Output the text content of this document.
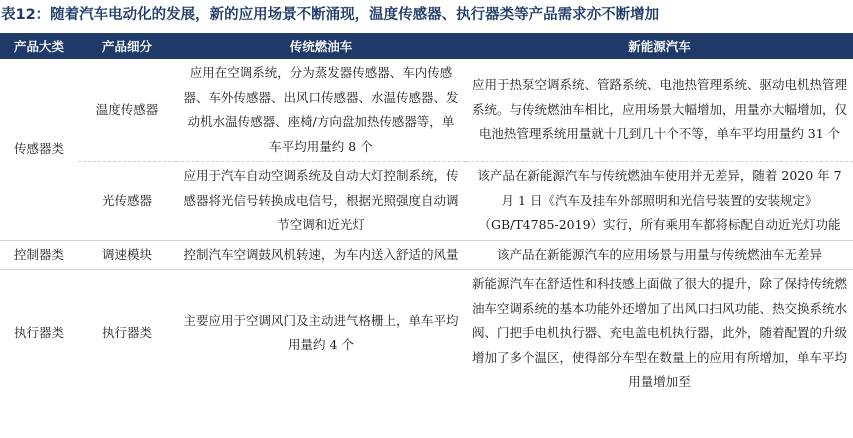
表12：随着汽车电动化的发展，新的应用场景不断涌现，温度传感器、执行器类等产品需求亦不断增加
产品大类	产品细分	传统燃油车	新能源汽车
传感器类	温度传感器	应用在空调系统，分为蒸发器传感器、车内传感器、车外传感器、出风口传感器、水温传感器、发动机水温传感器、座椅/方向盘加热传感器等，单车平均用量约 8 个	应用于热泵空调系统、管路系统、电池热管理系统、驱动电机热管理系统。与传统燃油车相比，应用场景大幅增加，用量亦大幅增加，仅电池热管理系统用量就十几到几十个不等，单车平均用量约 31 个
	光传感器	应用于汽车自动空调系统及自动大灯控制系统，传感器将光信号转换成电信号，根据光照强度自动调节空调和近光灯	该产品在新能源汽车与传统燃油车使用并无差异，随着 2020 年 7 月 1 日《汽车及挂车外部照明和光信号装置的安装规定》（GB/T4785-2019）实行，所有乘用车都将标配自动近光灯功能
控制器类	调速模块	控制汽车空调鼓风机转速，为车内送入舒适的风量	该产品在新能源汽车的应用场景与用量与传统燃油车无差异
执行器类	执行器类	主要应用于空调风门及主动进气格栅上，单车平均用量约 4 个	新能源汽车在舒适性和科技感上面做了很大的提升，除了保持传统燃油车空调系统的基本功能外还增加了出风口扫风功能、热交换系统水阀、门把手电机执行器、充电盖电机执行器，此外，随着配置的升级增加了多个温区，使得部分车型在数量上的应用有所增加，单车平均用量增加至
